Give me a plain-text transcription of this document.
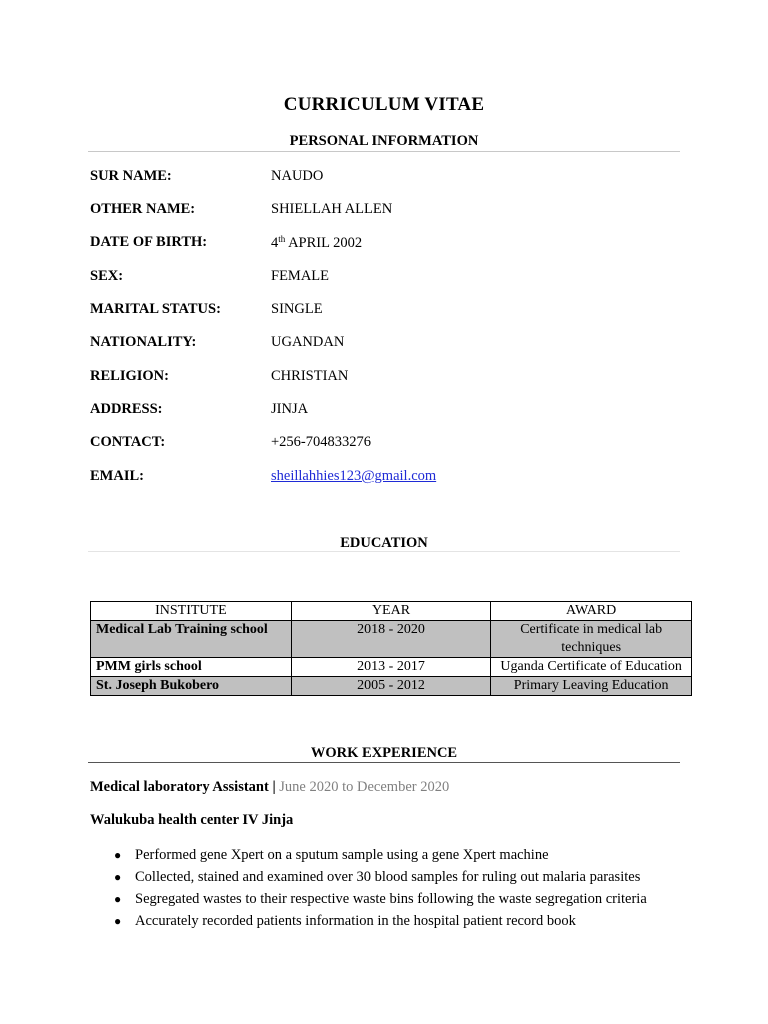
CURRICULUM VITAE
PERSONAL INFORMATION
SUR NAME:	NAUDO
OTHER NAME:	SHIELLAH ALLEN
DATE OF BIRTH:	4th APRIL 2002
SEX:	FEMALE
MARITAL STATUS:	SINGLE
NATIONALITY:	UGANDAN
RELIGION:	CHRISTIAN
ADDRESS:	JINJA
CONTACT:	+256-704833276
EMAIL:	sheillahhies123@gmail.com
EDUCATION
INSTITUTE	YEAR	AWARD
Medical Lab Training school	2018 - 2020	Certificate in medical lab techniques
PMM girls school	2013 - 2017	Uganda Certificate of Education
St. Joseph Bukobero	2005 - 2012	Primary Leaving Education
WORK EXPERIENCE
Medical laboratory Assistant | June 2020 to December 2020
Walukuba health center IV Jinja
● Performed gene Xpert on a sputum sample using a gene Xpert machine
● Collected, stained and examined over 30 blood samples for ruling out malaria parasites
● Segregated wastes to their respective waste bins following the waste segregation criteria
● Accurately recorded patients information in the hospital patient record book
